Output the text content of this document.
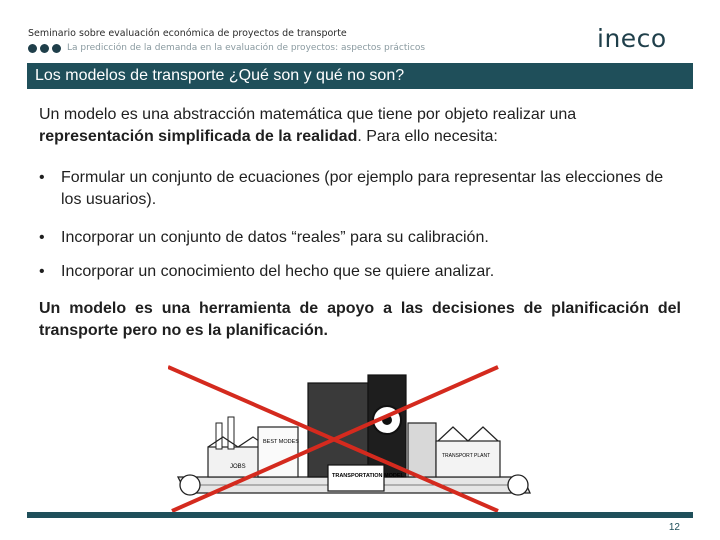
Seminario sobre evaluación económica de proyectos de transporte
La predicción de la demanda en la evaluación de proyectos: aspectos prácticos	ineco
Los modelos de transporte ¿Qué son y qué no son?
Un modelo es una abstracción matemática que tiene por objeto realizar una representación simplificada de la realidad. Para ello necesita:
• Formular un conjunto de ecuaciones (por ejemplo para representar las elecciones de los usuarios).
• Incorporar un conjunto de datos “reales” para su calibración.
• Incorporar un conocimiento del hecho que se quiere analizar.
Un modelo es una herramienta de apoyo a las decisiones de planificación del transporte pero no es la planificación.
JOBS
BEST MODES
TRANSPORTATION MODEL
TRANSPORT PLANT
12
